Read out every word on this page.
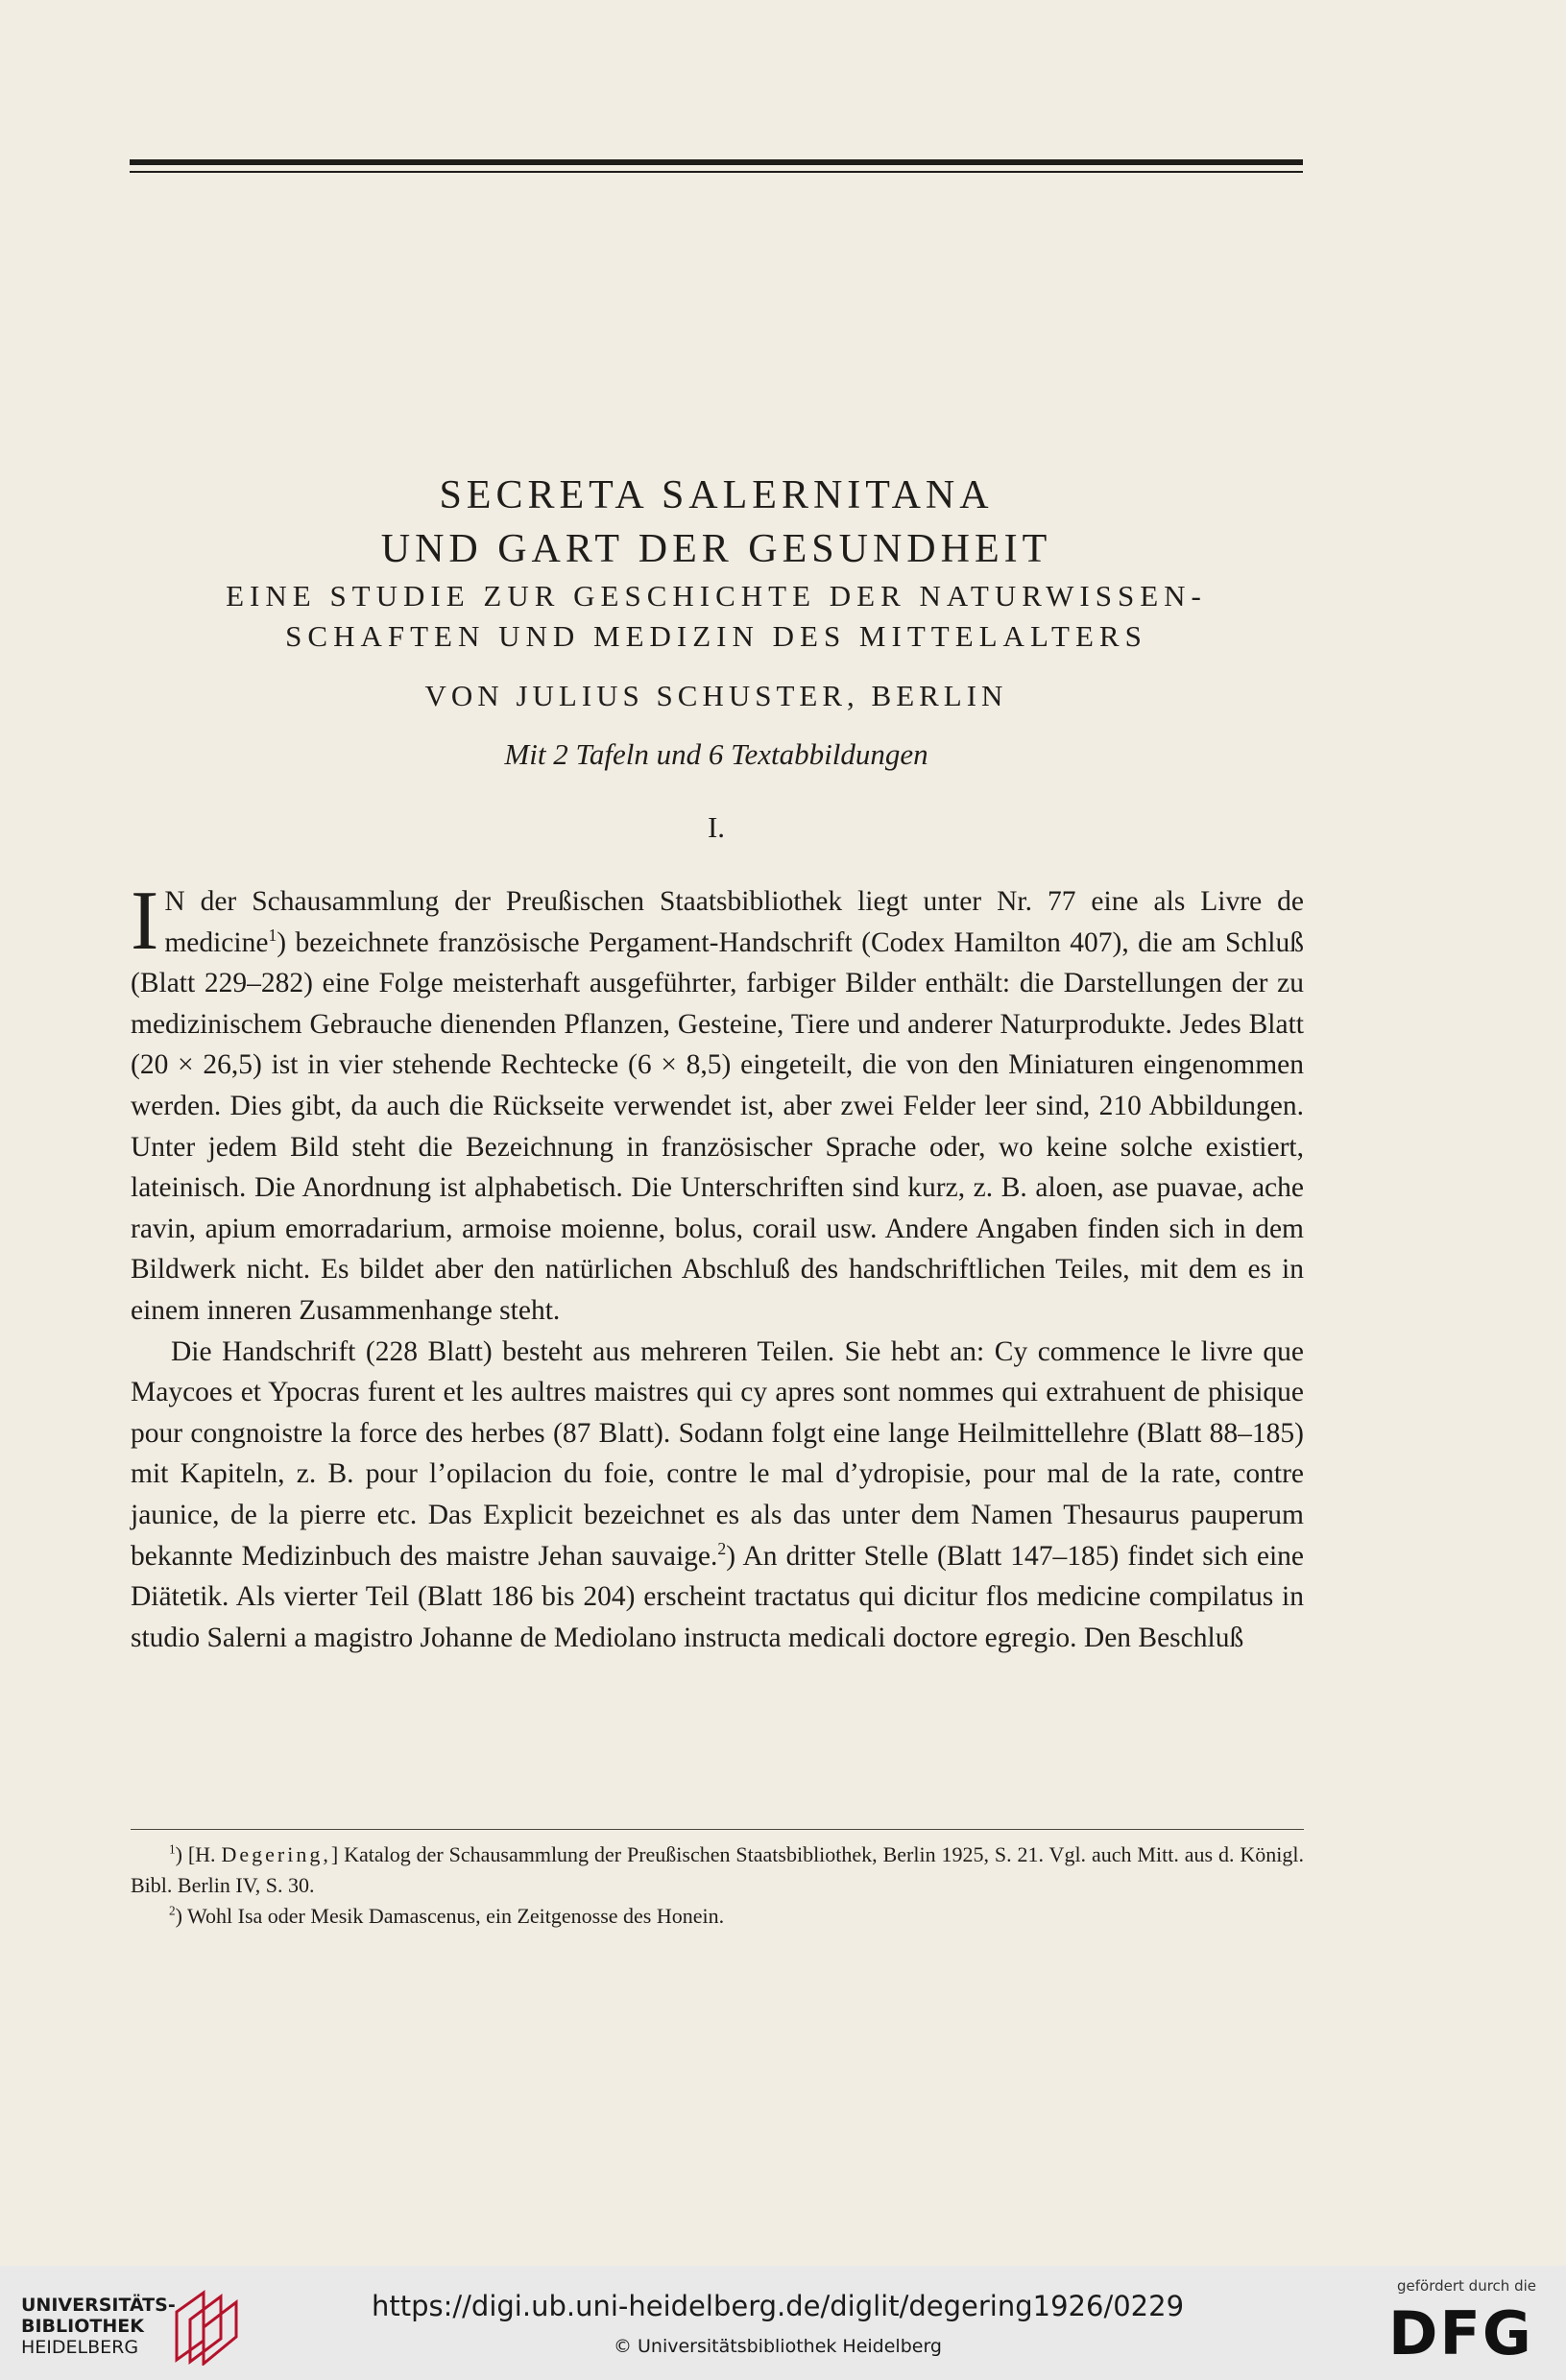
SECRETA SALERNITANA

UND GART DER GESUNDHEIT

EINE STUDIE ZUR GESCHICHTE DER NATURWISSEN-

SCHAFTEN UND MEDIZIN DES MITTELALTERS

VON JULIUS SCHUSTER, BERLIN

Mit 2 Tafeln und 6 Textabbildungen

I.

IN der Schausammlung der Preußischen Staatsbibliothek liegt unter Nr. 77 eine als Livre de medicine$^1$) bezeichnete französische Pergament-Handschrift (Codex Hamilton 407), die am Schluß (Blatt 229–282) eine Folge meisterhaft ausgeführter, farbiger Bilder enthält: die Darstellungen der zu medizinischem Gebrauche dienenden Pflanzen, Gesteine, Tiere und anderer Naturprodukte. Jedes Blatt (20 × 26,5) ist in vier stehende Rechtecke (6 × 8,5) eingeteilt, die von den Miniaturen eingenommen werden. Dies gibt, da auch die Rückseite verwendet ist, aber zwei Felder leer sind, 210 Abbildungen. Unter jedem Bild steht die Bezeichnung in französischer Sprache oder, wo keine solche existiert, lateinisch. Die Anordnung ist alphabetisch. Die Unterschriften sind kurz, z. B. aloen, ase puavae, ache ravin, apium emorradarium, armoise moienne, bolus, corail usw. Andere Angaben finden sich in dem Bildwerk nicht. Es bildet aber den natürlichen Abschluß des handschriftlichen Teiles, mit dem es in einem inneren Zusammenhange steht.

Die Handschrift (228 Blatt) besteht aus mehreren Teilen. Sie hebt an: Cy commence le livre que Maycoes et Ypocras furent et les aultres maistres qui cy apres sont nommes qui extrahuent de phisique pour congnoistre la force des herbes (87 Blatt). Sodann folgt eine lange Heilmittellehre (Blatt 88–185) mit Kapiteln, z. B. pour l’opilacion du foie, contre le mal d’ydropisie, pour mal de la rate, contre jaunice, de la pierre etc. Das Explicit bezeichnet es als das unter dem Namen Thesaurus pauperum bekannte Medizinbuch des maistre Jehan sauvaige.$^2$) An dritter Stelle (Blatt 147–185) findet sich eine Diätetik. Als vierter Teil (Blatt 186 bis 204) erscheint tractatus qui dicitur flos medicine compilatus in studio Salerni a magistro Johanne de Mediolano instructa medicali doctore egregio. Den Beschluß

$^1$) [H. Degering,] Katalog der Schausammlung der Preußischen Staatsbibliothek, Berlin 1925, S. 21. Vgl. auch Mitt. aus d. Königl. Bibl. Berlin IV, S. 30.

$^2$) Wohl Isa oder Mesik Damascenus, ein Zeitgenosse des Honein.

UNIVERSITÄTS-
BIBLIOTHEK
HEIDELBERG
https://digi.ub.uni-heidelberg.de/diglit/degering1926/0229
© Universitätsbibliothek Heidelberg
gefördert durch die
DFG
